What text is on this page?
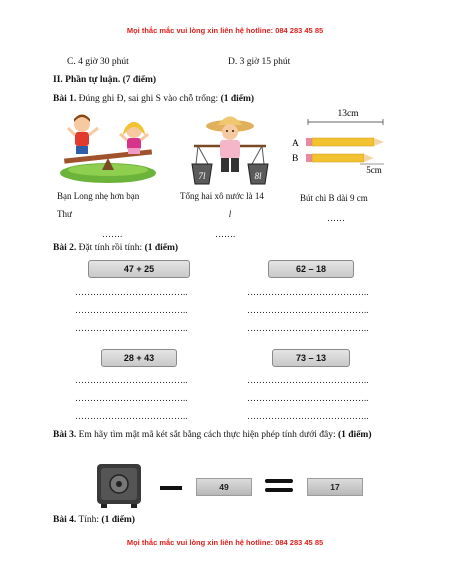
Mọi thắc mắc vui lòng xin liên hệ hotline: 084 283 45 85
C. 4 giờ 30 phút	D. 3 giờ 15 phút
II. Phần tự luận. (7 điểm)
Bài 1. Đúng ghi Đ, sai ghi S vào chỗ trống: (1 điểm)
7l	8l
13cm
A
B
5cm
Bạn Long nhẹ hơn bạn
Thư
…….
Tổng hai xô nước là 14
l
…….
Bút chì B dài 9 cm
……
Bài 2. Đặt tính rồi tính: (1 điểm)
47 + 25	62 – 18
………………………………..
………………………………..
………………………………..
…………………………………..
…………………………………..
…………………………………..
28 + 43	73 – 13
………………………………..
………………………………..
………………………………..
…………………………………..
…………………………………..
…………………………………..
Bài 3. Em hãy tìm mật mã két sắt bằng cách thực hiện phép tính dưới đây: (1 điểm)
49	17
Bài 4. Tính: (1 điểm)
Mọi thắc mắc vui lòng xin liên hệ hotline: 084 283 45 85
